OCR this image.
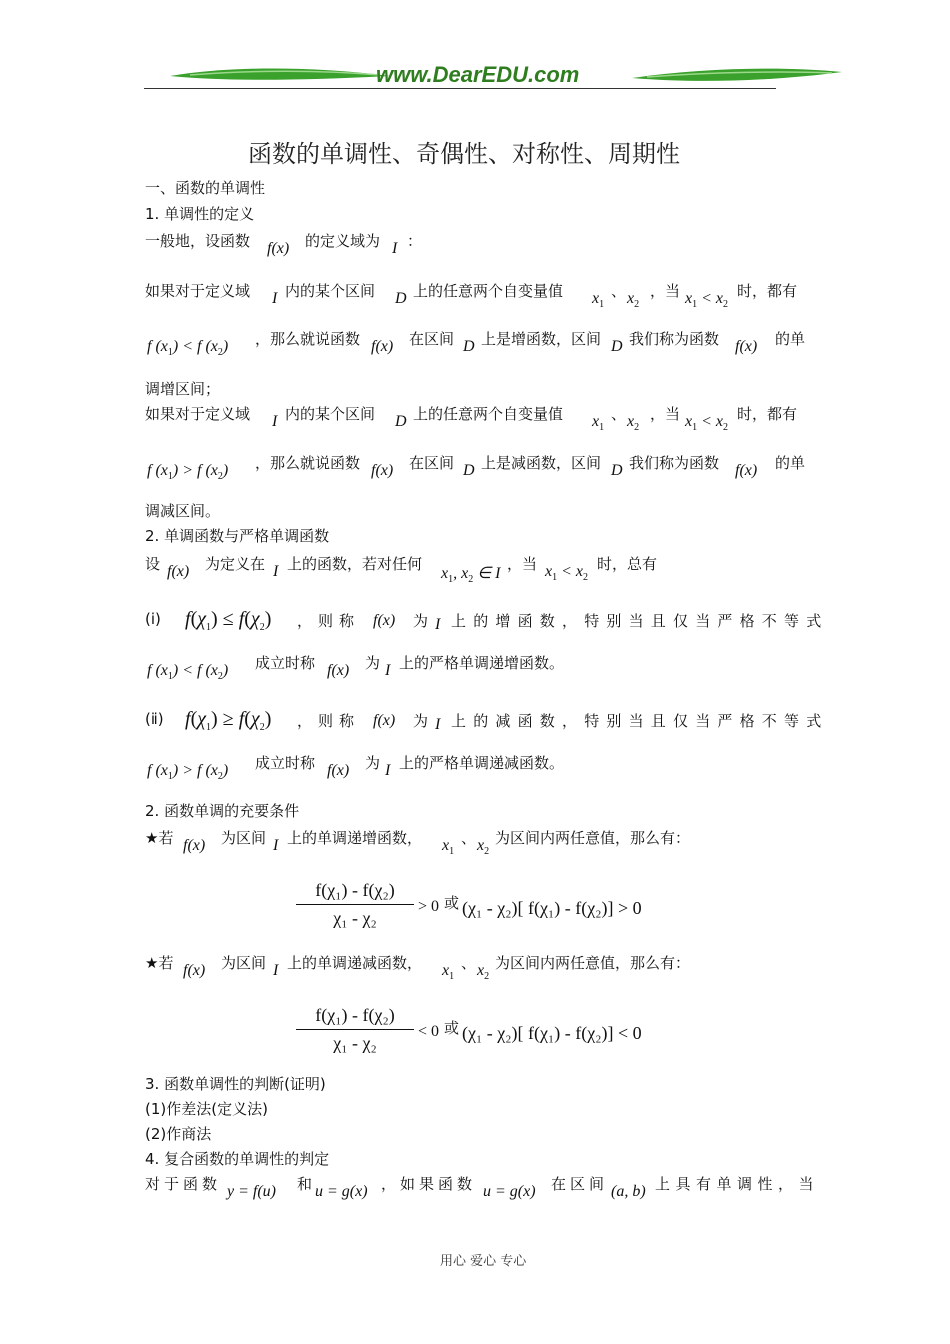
www.DearEDU.com
函数的单调性、奇偶性、对称性、周期性
一、函数的单调性
1. 单调性的定义
一般地，设函数 f(x) 的定义域为 I ：
如果对于定义域 I 内的某个区间 D 上的任意两个自变量值 $x_1$
、 $x_2$
，当 $x_1 < x_2$
时，都有
f $(x_1) < f$ $(x_2)$ ，那么就说函数 f(x) 在区间 D 上是增函数，区间 D 我们称为函数 f(x) 的单
调增区间；
如果对于定义域 I 内的某个区间 D 上的任意两个自变量值 $x_1$
、 $x_2$
，当 $x_1 < x_2$
时，都有
f $(x_1) > f$ $(x_2)$ ，那么就说函数 f(x) 在区间 D 上是减函数，区间 D 我们称为函数 f(x) 的单
调减区间。
2. 单调函数与严格单调函数
设 f(x) 为定义在 I 上的函数，若对任何
$x_1$, $x_2$ ∈ I
，当 $x_1 < x_2$
时，总有
(ⅰ) $f(\chi_1) \le f(\chi_2)$ ，则称 f(x) 为 I 上的增函数，特别当且仅当严格不等式
f $(x_1) < f$ $(x_2)$ 成立时称 f(x) 为 I 上的严格单调递增函数。
(ⅱ) $f(\chi_1) \ge f(\chi_2)$ ，则称 f(x) 为 I 上的减函数，特别当且仅当严格不等式
f $(x_1) > f$ $(x_2)$ 成立时称 f(x) 为 I 上的严格单调递减函数。
2. 函数单调的充要条件
★若 f(x) 为区间 I 上的单调递增函数， $x_1$
、 $x_2$
为区间内两任意值，那么有：
f(χ₁) - f(χ₂)
χ₁ - χ₂
> 0 或 (χ₁ - χ₂)[ f(χ₁) - f(χ₂)] > 0
★若 f(x) 为区间 I 上的单调递减函数， $x_1$
、 $x_2$
为区间内两任意值，那么有：
f(χ₁) - f(χ₂)
χ₁ - χ₂
< 0 或 (χ₁ - χ₂)[ f(χ₁) - f(χ₂)] < 0
3. 函数单调性的判断(证明)
(1)作差法(定义法)
(2)作商法
4. 复合函数的单调性的判定
对于函数 y = f(u) 和 u = g(x) ，如果函数 u = g(x) 在区间 (a, b) 上具有单调性，当
用心 爱心 专心
